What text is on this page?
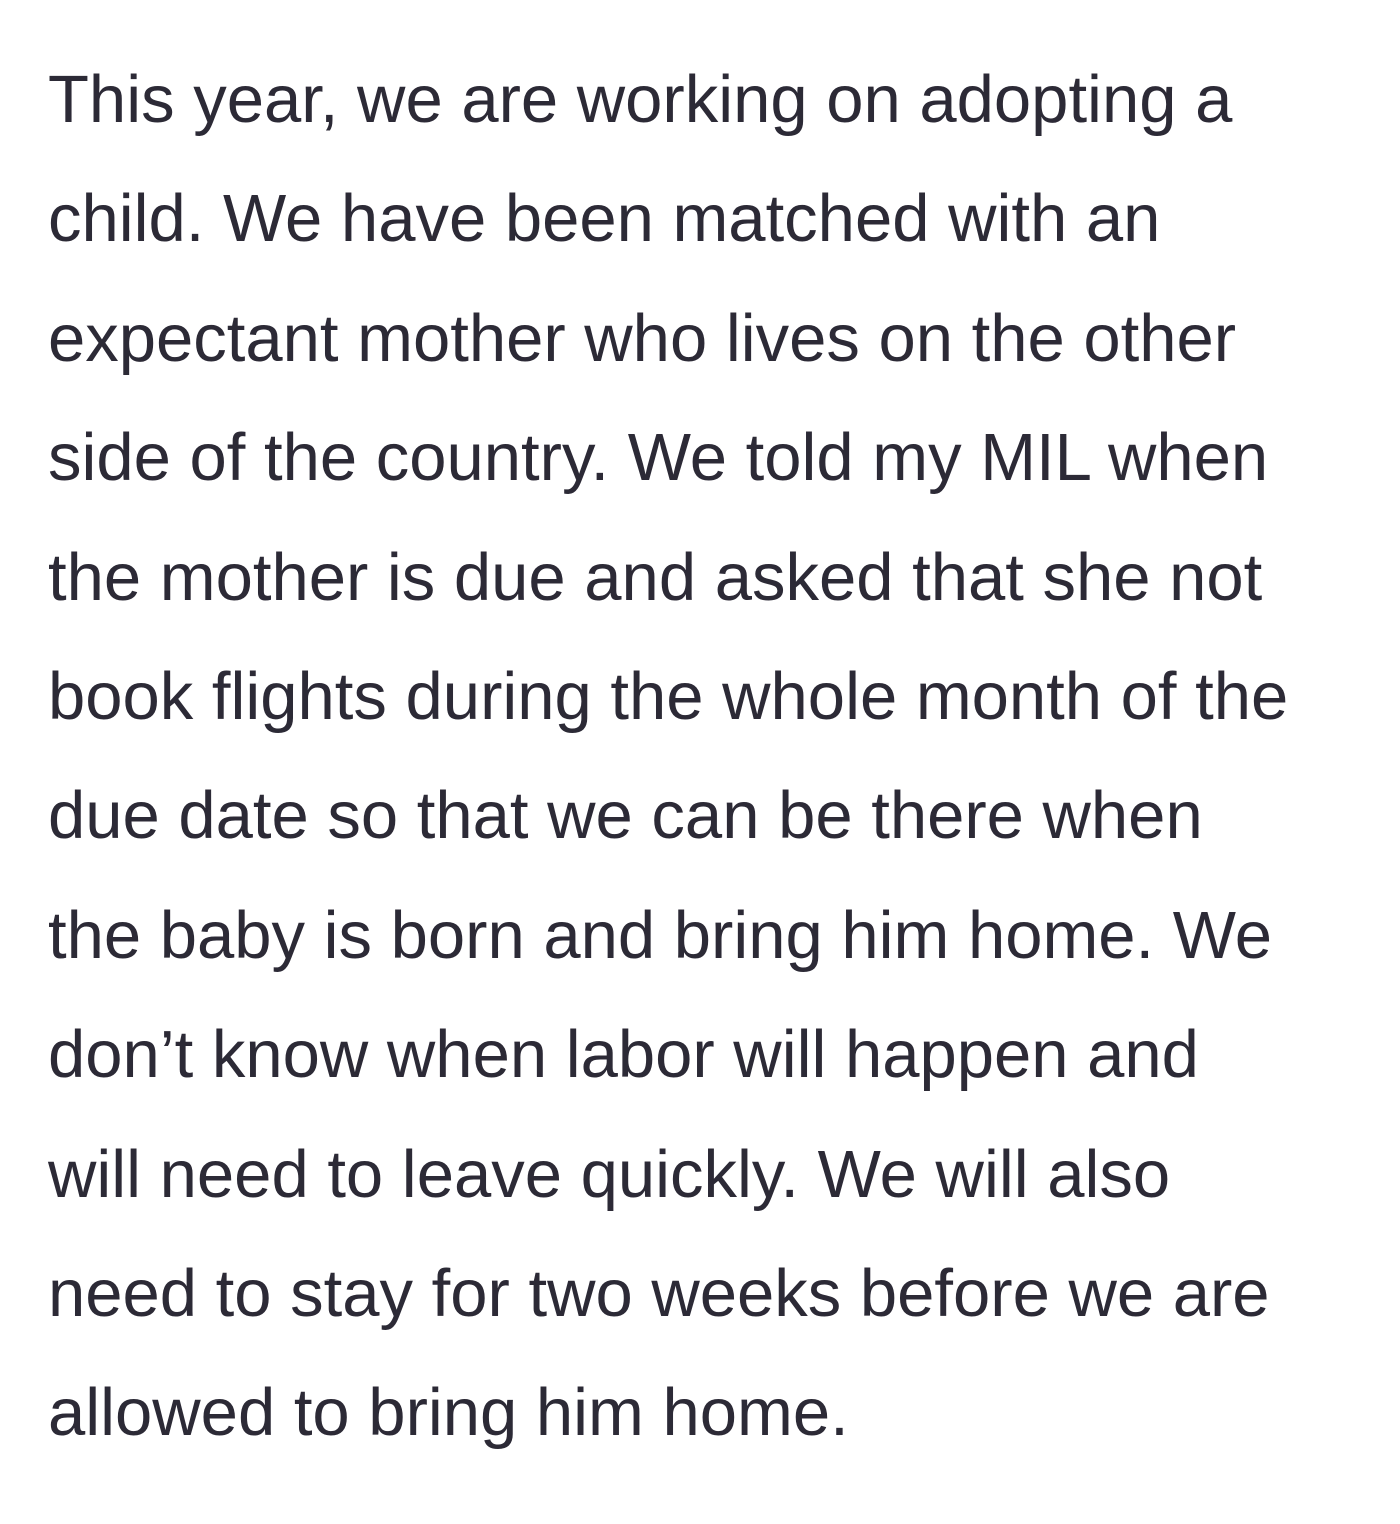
This year, we are working on adopting a
child. We have been matched with an
expectant mother who lives on the other
side of the country. We told my MIL when
the mother is due and asked that she not
book flights during the whole month of the
due date so that we can be there when
the baby is born and bring him home. We
don’t know when labor will happen and
will need to leave quickly. We will also
need to stay for two weeks before we are
allowed to bring him home.
